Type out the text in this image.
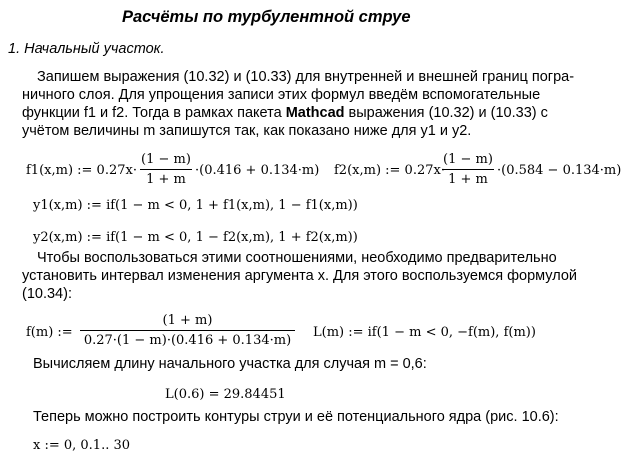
Расчёты по турбулентной струе
1. Начальный участок.
Запишем выражения (10.32) и (10.33) для внутренней и внешней границ погра-
ничного слоя. Для упрощения записи этих формул введём вспомогательные
функции f1 и f2. Тогда в рамках пакета Mathcad выражения (10.32) и (10.33) с
учётом величины m запишутся так, как показано ниже для y1 и y2.
f1(x,m) := 0.27x·
(1 − m)
1 + m
·(0.416 + 0.134·m) f2(x,m) := 0.27x·
(1 − m)
1 + m
·(0.584 − 0.134·m)
y1(x,m) := if(1 − m < 0, 1 + f1(x,m), 1 − f1(x,m))
y2(x,m) := if(1 − m < 0, 1 − f2(x,m), 1 + f2(x,m))
Чтобы воспользоваться этими соотношениями, необходимо предварительно
установить интервал изменения аргумента x. Для этого воспользуемся формулой
(10.34):
f(m) :=
(1 + m)
0.27·(1 − m)·(0.416 + 0.134·m)
L(m) := if(1 − m < 0, −f(m), f(m))
Вычисляем длину начального участка для случая m = 0,6:
L(0.6) = 29.84451
Теперь можно построить контуры струи и её потенциального ядра (рис. 10.6):
x := 0, 0.1.. 30
